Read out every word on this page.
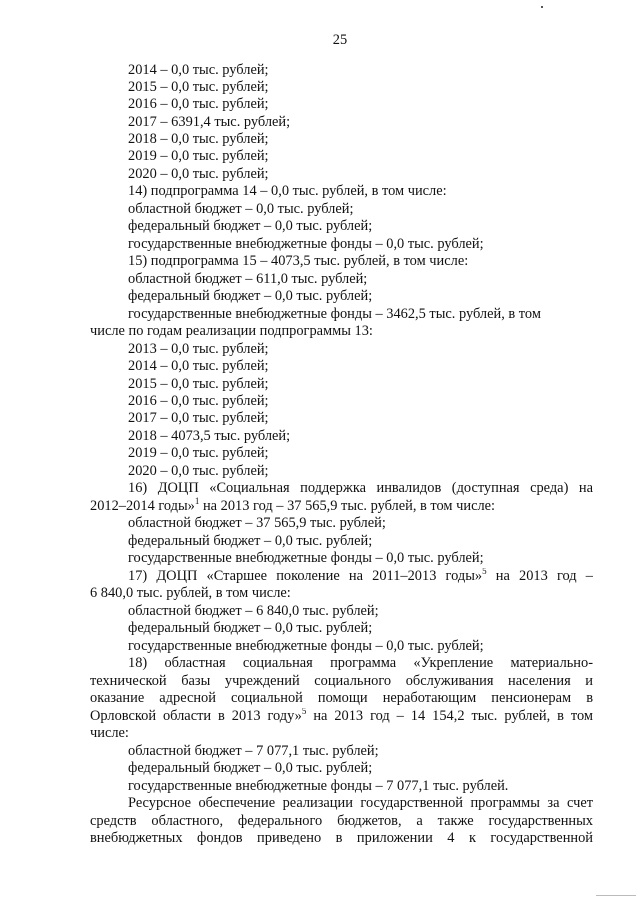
25
2014 – 0,0 тыс. рублей;
2015 – 0,0 тыс. рублей;
2016 – 0,0 тыс. рублей;
2017 – 6391,4 тыс. рублей;
2018 – 0,0 тыс. рублей;
2019 – 0,0 тыс. рублей;
2020 – 0,0 тыс. рублей;
14) подпрограмма 14 – 0,0 тыс. рублей, в том числе:
областной бюджет – 0,0 тыс. рублей;
федеральный бюджет – 0,0 тыс. рублей;
государственные внебюджетные фонды – 0,0 тыс. рублей;
15) подпрограмма 15 – 4073,5 тыс. рублей, в том числе:
областной бюджет – 611,0 тыс. рублей;
федеральный бюджет – 0,0 тыс. рублей;
государственные внебюджетные фонды – 3462,5 тыс. рублей, в том
числе по годам реализации подпрограммы 13:
2013 – 0,0 тыс. рублей;
2014 – 0,0 тыс. рублей;
2015 – 0,0 тыс. рублей;
2016 – 0,0 тыс. рублей;
2017 – 0,0 тыс. рублей;
2018 – 4073,5 тыс. рублей;
2019 – 0,0 тыс. рублей;
2020 – 0,0 тыс. рублей;
16) ДОЦП «Социальная поддержка инвалидов (доступная среда) на
2012–2014 годы»$^1$ на 2013 год – 37 565,9 тыс. рублей, в том числе:
областной бюджет – 37 565,9 тыс. рублей;
федеральный бюджет – 0,0 тыс. рублей;
государственные внебюджетные фонды – 0,0 тыс. рублей;
17) ДОЦП «Старшее поколение на 2011–2013 годы»$^5$ на 2013 год –
6 840,0 тыс. рублей, в том числе:
областной бюджет – 6 840,0 тыс. рублей;
федеральный бюджет – 0,0 тыс. рублей;
государственные внебюджетные фонды – 0,0 тыс. рублей;
18) областная социальная программа «Укрепление материально-
технической базы учреждений социального обслуживания населения и
оказание адресной социальной помощи неработающим пенсионерам в
Орловской области в 2013 году»$^5$ на 2013 год – 14 154,2 тыс. рублей, в том
числе:
областной бюджет – 7 077,1 тыс. рублей;
федеральный бюджет – 0,0 тыс. рублей;
государственные внебюджетные фонды – 7 077,1 тыс. рублей.
Ресурсное обеспечение реализации государственной программы за счет
средств областного, федерального бюджетов, а также государственных
внебюджетных фондов приведено в приложении 4 к государственной
